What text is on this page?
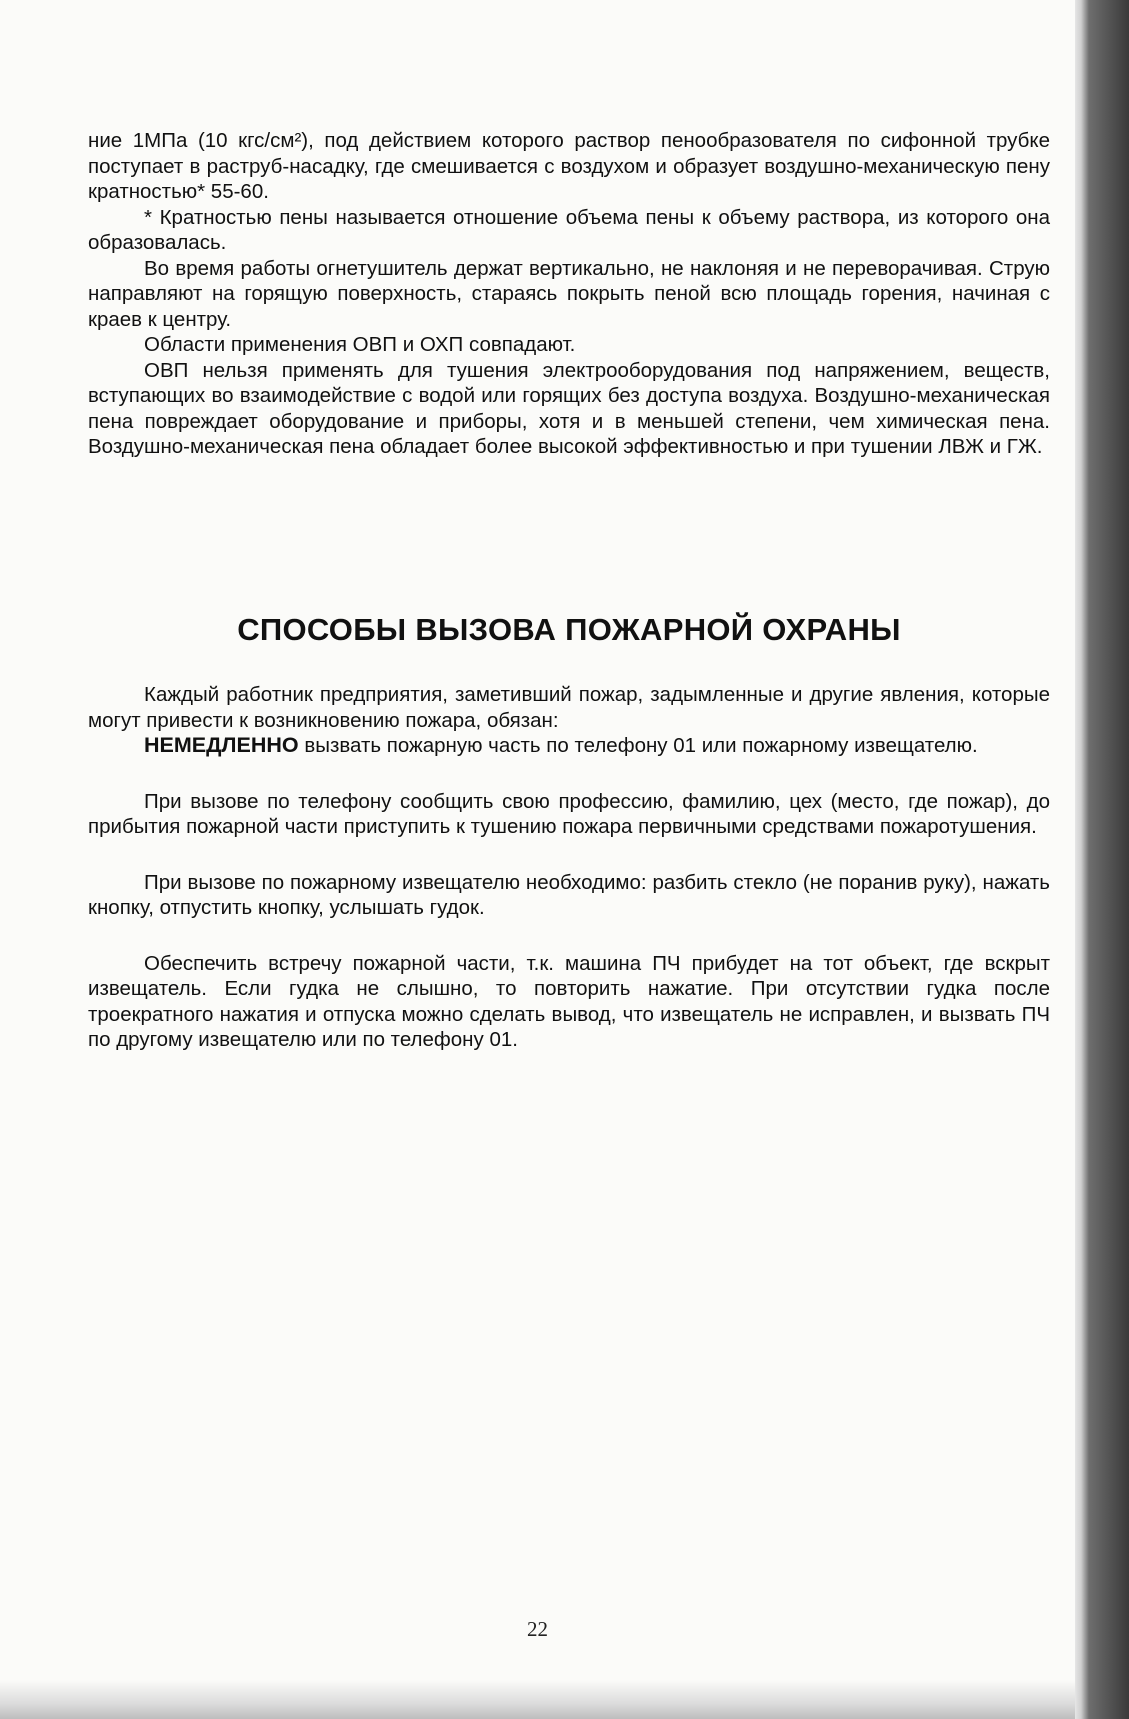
ние 1МПа (10 кгс/см²), под действием которого раствор пенообразователя по сифонной трубке поступает в раструб-насадку, где смешивается с воздухом и образует воздушно-механическую пену кратностью* 55-60.

* Кратностью пены называется отношение объема пены к объему раствора, из которого она образовалась.

Во время работы огнетушитель держат вертикально, не наклоняя и не переворачивая. Струю направляют на горящую поверхность, стараясь покрыть пеной всю площадь горения, начиная с краев к центру.

Области применения ОВП и ОХП совпадают.

ОВП нельзя применять для тушения электрооборудования под напряжением, веществ, вступающих во взаимодействие с водой или горящих без доступа воздуха. Воздушно-механическая пена повреждает оборудование и приборы, хотя и в меньшей степени, чем химическая пена. Воздушно-механическая пена обладает более высокой эффективностью и при тушении ЛВЖ и ГЖ.

СПОСОБЫ ВЫЗОВА ПОЖАРНОЙ ОХРАНЫ

Каждый работник предприятия, заметивший пожар, задымленные и другие явления, которые могут привести к возникновению пожара, обязан:

НЕМЕДЛЕННО вызвать пожарную часть по телефону 01 или пожарному извещателю.

При вызове по телефону сообщить свою профессию, фамилию, цех (место, где пожар), до прибытия пожарной части приступить к тушению пожара первичными средствами пожаротушения.

При вызове по пожарному извещателю необходимо: разбить стекло (не поранив руку), нажать кнопку, отпустить кнопку, услышать гудок.

Обеспечить встречу пожарной части, т.к. машина ПЧ прибудет на тот объект, где вскрыт извещатель. Если гудка не слышно, то повторить нажатие. При отсутствии гудка после троекратного нажатия и отпуска можно сделать вывод, что извещатель не исправлен, и вызвать ПЧ по другому извещателю или по телефону 01.

22
